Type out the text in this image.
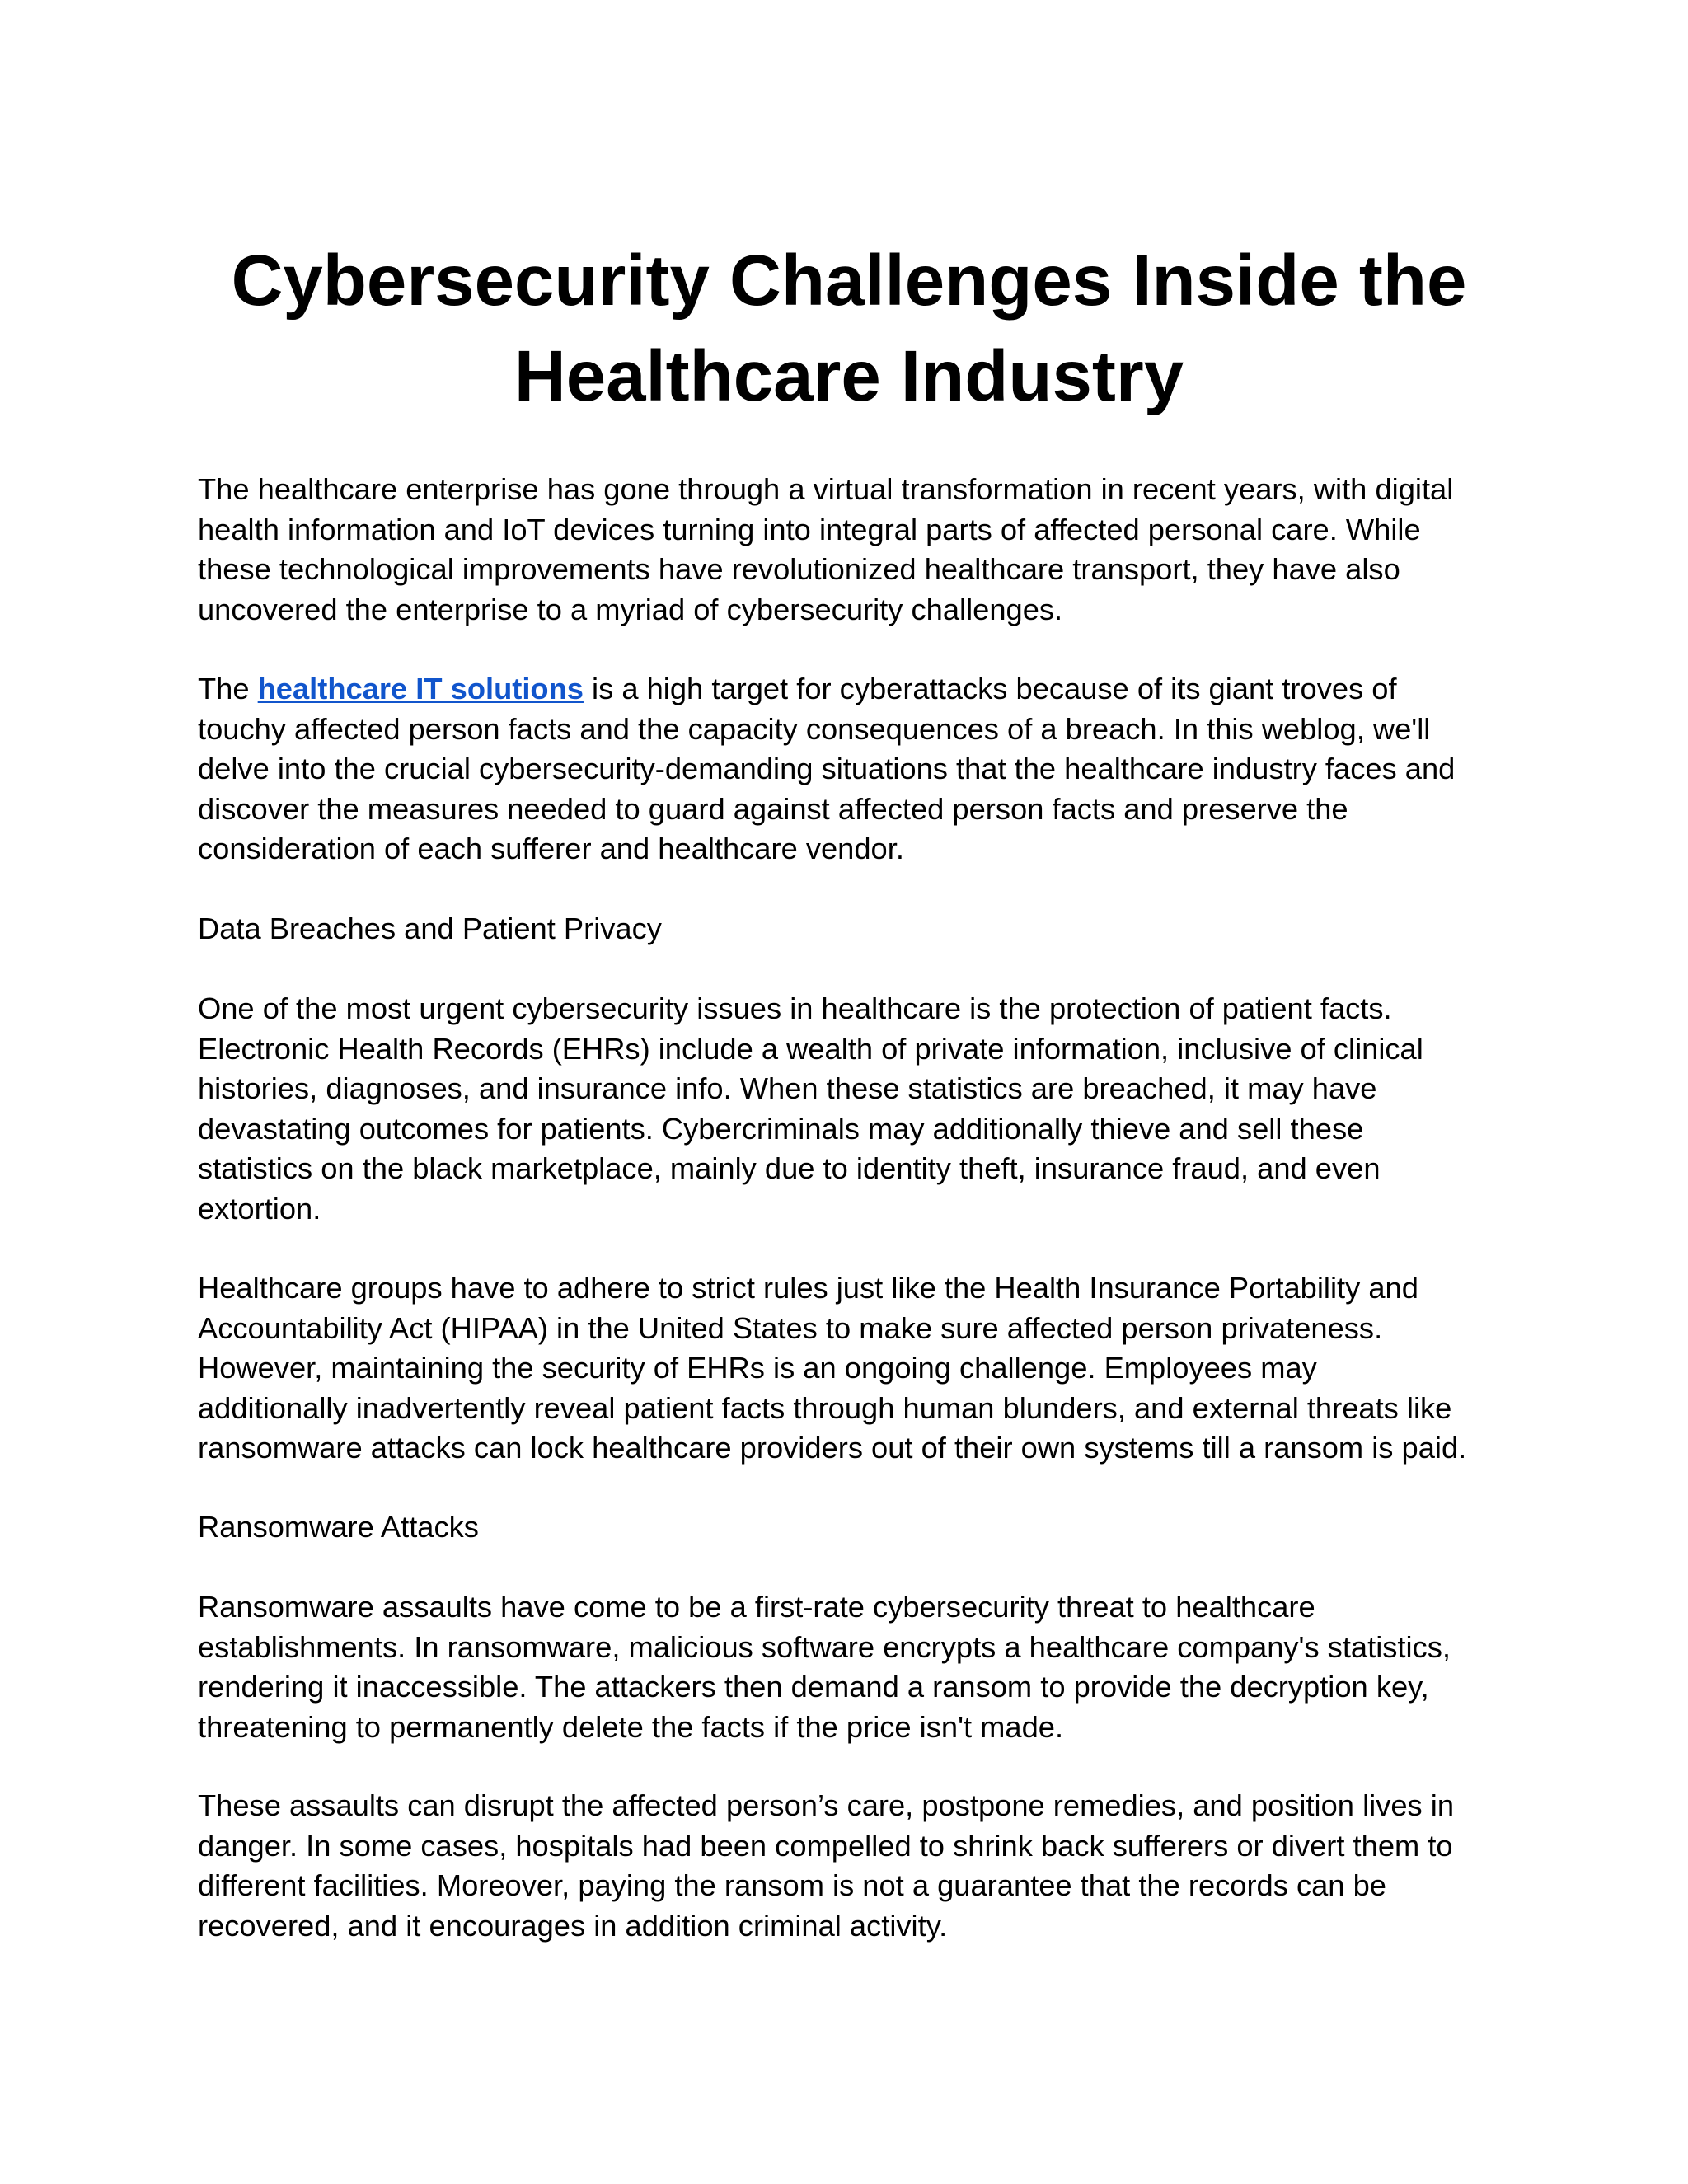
Cybersecurity Challenges Inside the
Healthcare Industry

The healthcare enterprise has gone through a virtual transformation in recent years, with digital
health information and IoT devices turning into integral parts of affected personal care. While
these technological improvements have revolutionized healthcare transport, they have also
uncovered the enterprise to a myriad of cybersecurity challenges.

The healthcare IT solutions is a high target for cyberattacks because of its giant troves of
touchy affected person facts and the capacity consequences of a breach. In this weblog, we'll
delve into the crucial cybersecurity-demanding situations that the healthcare industry faces and
discover the measures needed to guard against affected person facts and preserve the
consideration of each sufferer and healthcare vendor.

Data Breaches and Patient Privacy

One of the most urgent cybersecurity issues in healthcare is the protection of patient facts.
Electronic Health Records (EHRs) include a wealth of private information, inclusive of clinical
histories, diagnoses, and insurance info. When these statistics are breached, it may have
devastating outcomes for patients. Cybercriminals may additionally thieve and sell these
statistics on the black marketplace, mainly due to identity theft, insurance fraud, and even
extortion.

Healthcare groups have to adhere to strict rules just like the Health Insurance Portability and
Accountability Act (HIPAA) in the United States to make sure affected person privateness.
However, maintaining the security of EHRs is an ongoing challenge. Employees may
additionally inadvertently reveal patient facts through human blunders, and external threats like
ransomware attacks can lock healthcare providers out of their own systems till a ransom is paid.

Ransomware Attacks

Ransomware assaults have come to be a first-rate cybersecurity threat to healthcare
establishments. In ransomware, malicious software encrypts a healthcare company's statistics,
rendering it inaccessible. The attackers then demand a ransom to provide the decryption key,
threatening to permanently delete the facts if the price isn't made.

These assaults can disrupt the affected person’s care, postpone remedies, and position lives in
danger. In some cases, hospitals had been compelled to shrink back sufferers or divert them to
different facilities. Moreover, paying the ransom is not a guarantee that the records can be
recovered, and it encourages in addition criminal activity.
